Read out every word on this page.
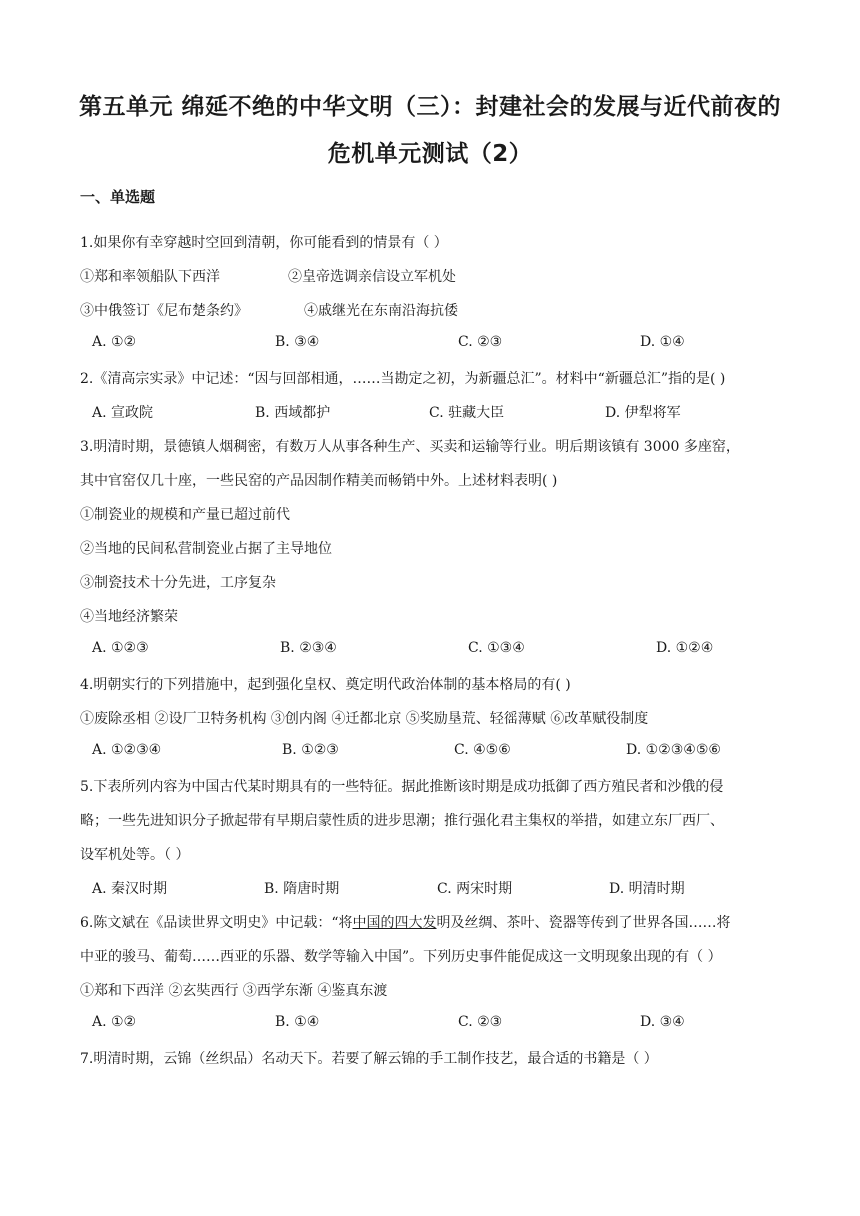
第五单元 绵延不绝的中华文明（三）：封建社会的发展与近代前夜的
危机单元测试（2）
一、单选题
1.如果你有幸穿越时空回到清朝，你可能看到的情景有（ ）
①郑和率领船队下西洋	②皇帝选调亲信设立军机处
③中俄签订《尼布楚条约》	④戚继光在东南沿海抗倭
A. ①②	B. ③④	C. ②③	D. ①④
2.《清高宗实录》中记述：“因与回部相通，……当勘定之初，为新疆总汇”。材料中“新疆总汇”指的是( )
A. 宣政院	B. 西域都护	C. 驻藏大臣	D. 伊犁将军
3.明清时期，景德镇人烟稠密，有数万人从事各种生产、买卖和运输等行业。明后期该镇有 3000 多座窑，
其中官窑仅几十座，一些民窑的产品因制作精美而畅销中外。上述材料表明( )
①制瓷业的规模和产量已超过前代
②当地的民间私营制瓷业占据了主导地位
③制瓷技术十分先进，工序复杂
④当地经济繁荣
A. ①②③	B. ②③④	C. ①③④	D. ①②④
4.明朝实行的下列措施中，起到强化皇权、奠定明代政治体制的基本格局的有( )
①废除丞相 ②设厂卫特务机构 ③创内阁 ④迁都北京 ⑤奖励垦荒、轻徭薄赋 ⑥改革赋役制度
A. ①②③④	B. ①②③	C. ④⑤⑥	D. ①②③④⑤⑥
5.下表所列内容为中国古代某时期具有的一些特征。据此推断该时期是成功抵御了西方殖民者和沙俄的侵
略；一些先进知识分子掀起带有早期启蒙性质的进步思潮；推行强化君主集权的举措，如建立东厂西厂、
设军机处等。（ ）
A. 秦汉时期	B. 隋唐时期	C. 两宋时期	D. 明清时期
6.陈文斌在《品读世界文明史》中记载：“将中国的四大发明及丝绸、茶叶、瓷器等传到了世界各国……将
中亚的骏马、葡萄……西亚的乐器、数学等输入中国”。下列历史事件能促成这一文明现象出现的有（ ）
①郑和下西洋 ②玄奘西行 ③西学东渐 ④鉴真东渡
A. ①②	B. ①④	C. ②③	D. ③④
7.明清时期，云锦（丝织品）名动天下。若要了解云锦的手工制作技艺，最合适的书籍是（ ）
